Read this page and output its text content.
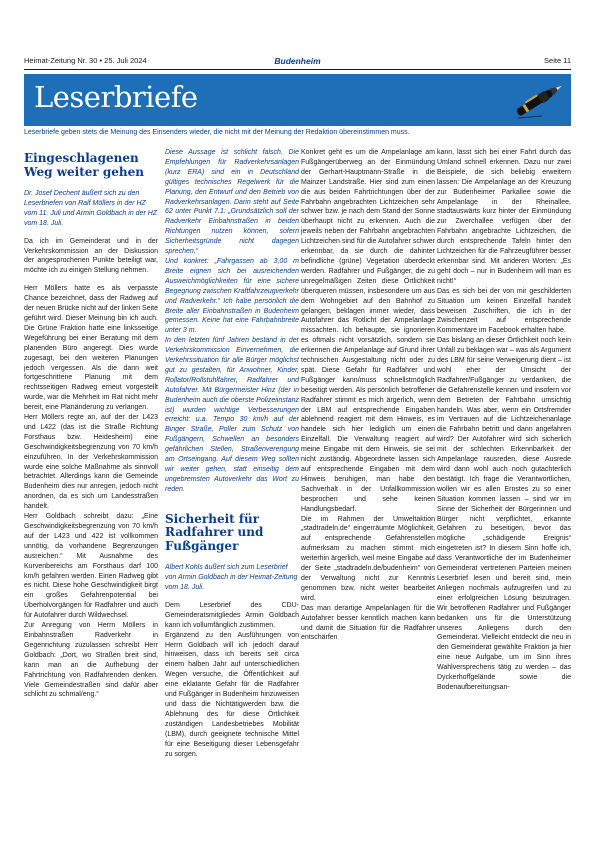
Heimat-Zeitung Nr. 30 • 25. Juli 2024	Budenheim	Seite 11
Leserbriefe
Leserbriefe geben stets die Meinung des Einsenders wieder, die nicht mit der Meinung der Redaktion übereinstimmen muss.
Eingeschlagenen Weg weiter gehen

Dr. Josef Dechent äußert sich zu den Leserbriefen von Ralf Möllers in der HZ vom 11. Juli und Armin Goldbach in der HZ vom 18. Juli.

Da ich im Gemeinderat und in der Verkehrskommission an der Diskussion der angesprochenen Punkte beteiligt war, möchte ich zu einigen Stellung nehmen.

Herr Möllers hatte es als verpasste Chance bezeichnet, dass der Radweg auf der neuen Brücke nicht auf der linken Seite geführt wird. Dieser Meinung bin ich auch. Die Grüne Fraktion hatte eine linksseitige Wegeführung bei einer Beratung mit dem planenden Büro angeregt. Dies wurde zugesagt, bei den weiteren Planungen jedoch vergessen. Als die dann weit fortgeschrittene Planung mit dem rechtsseitigen Radweg erneut vorgestellt wurde, war die Mehrheit im Rat nicht mehr bereit, eine Planänderung zu verlangen.

Herr Möllers regte an, auf der der L423 und L422 (das ist die Straße Richtung Forsthaus bzw. Heidesheim) eine Geschwindigkeitsbegrenzung von 70 km/h einzuführen. In der Verkehrskommission wurde eine solche Maßnahme als sinnvoll betrachtet. Allerdings kann die Gemeinde Budenheim dies nur anregen, jedoch nicht anordnen, da es sich um Landesstraßen handelt.

Herr Goldbach schreibt dazu: „Eine Geschwindigkeitsbegrenzung von 70 km/h auf der L423 und 422 ist vollkommen unnötig, da vorhandene Begrenzungen ausreichen.“ Mit Ausnahme des Kurvenbereichs am Forsthaus darf 100 km/h gefahren werden. Einen Radweg gibt es nicht. Diese hohe Geschwindigkeit birgt ein großes Gefahrenpotential bei Überholvorgängen für Radfahrer und auch für Autofahrer durch Wildwechsel.

Zur Anregung von Herrn Möllers in Einbahnstraßen Radverkehr in Gegenrichtung zuzulassen schreibt Herr Goldbach: „Dort, wo Straßen breit sind, kann man an die Aufhebung der Fahrtrichtung von Radfahrenden denken. Viele Gemeindestraßen sind dafür aber schlicht zu schmal/eng.“

Diese Aussage ist schlicht falsch. Die Empfehlungen für Radverkehrsanlagen (kurz ERA) sind ein in Deutschland gültiges technisches Regelwerk für die Planung, den Entwurf und den Betrieb von Radverkehrsanlagen. Darin steht auf Seite 62 unter Punkt 7.1: „Grundsätzlich soll der Radverkehr Einbahnstraßen in beiden Richtungen nutzen können, sofern Sicherheitsgründe nicht dagegen sprechen.“

Und konkret: „Fahrgassen ab 3,00 m Breite eignen sich bei ausreichenden Ausweichmöglichkeiten für eine sichere Begegnung zwischen Kraftfahrzeugverkehr und Radverkehr.“ Ich habe persönlich die Breite aller Einbahnstraßen in Budenheim gemessen. Keine hat eine Fahrbahnbreite unter 3 m.

In den letzten fünf Jahren bestand in der Verkehrskommission Einvernehmen, die Verkehrssituation für alle Bürger möglichst gut zu gestalten, für Anwohner, Kinder, Rollator/Rollstuhlfahrer, Radfahrer und Autofahrer. Mit Bürgermeister Hinz (der in Budenheim auch die oberste Polizeiinstanz ist) wurden wichtige Verbesserungen erreicht: u.a. Tempo 30 km/h auf der Binger Straße, Poller zum Schutz von Fußgängern, Schwellen an besonders gefährlichen Stellen, Straßenverengung am Ortseingang. Auf diesem Weg sollten wir weiter gehen, statt einseitig dem ungebremsten Autoverkehr das Wort zu reden.

Sicherheit für Radfahrer und Fußgänger

Albert Kohls äußert sich zum Leserbrief von Armin Goldbach in der Heimat-Zeitung vom 18. Juli.

Dem Leserbrief des CDU-Gemeinderatsmitgliedes Armin Goldbach kann ich vollumfänglich zustimmen.

Ergänzend zu den Ausführungen von Herrn Goldbach will ich jedoch darauf hinweisen, dass ich bereits seit circa einem halben Jahr auf unterschiedlichen Wegen versuche, die Öffentlichkeit auf eine eklatante Gefahr für die Radfahrer und Fußgänger in Budenheim hinzuweisen und dass die Nichtätigwerden bzw. die Ablehnung des für diese Örtlichkeit zuständigen Landesbetriebes Mobilität (LBM), durch geeignete technische Mittel für eine Beseitigung dieser Lebensgefahr zu sorgen.

Konkret geht es um die Ampelanlage am Fußgängerüberweg an der Einmündung der Gerhart-Hauptmann-Straße in die Mainzer Landstraße. Hier sind zum einen die aus beiden Fahrtrichtungen über der Fahrbahn angebrachten Lichtzeichen sehr schwer bzw. je nach dem Stand der Sonne überhaupt nicht zu erkennen. Auch die jeweils neben der Fahrbahn angebrachten Lichtzeichen sind für die Autofahrer schwer erkennbar, da sie durch die dahinter befindliche (grüne) Vegetation überdeckt werden. Radfahrer und Fußgänger, die zu unregelmäßigen Zeiten diese Örtlichkeit überqueren müssen, insbesondere um aus dem Wohngebiet auf den Bahnhof zu gelangen, beklagen immer wieder, dass Autofahrer das Rotlicht der Ampelanlage missachten. Ich behaupte, sie ignorieren es oftmals nicht vorsätzlich, sondern sie erkennen die Ampelanlage auf Grund ihrer technischen Ausgestaltung nicht oder zu spät. Diese Gefahr für Radfahrer und Fußgänger kann/muss schnellstmöglich beseitigt werden. Als persönlich betroffener Radfahrer stimmt es mich ärgerlich, wenn der LBM auf entsprechende Eingaben ablehnend reagiert mit dem Hinweis, es handele sich hier lediglich um einen Einzelfall. Die Verwaltung reagiert auf meine Eingabe mit dem Hinweis, sie sei nicht zuständig. Abgeordnete lassen sich auf entsprechende Eingaben mit dem Hinweis beruhigen, man habe den Sachverhalt in der Unfallkommission besprochen und sehe keinen Handlungsbedarf.

Die im Rahmen der Umweltaktion „stadtradeln.de“ eingerräumte Möglichkeit, auf entsprechende Gefahrenstellen aufmerksam zu machen stimmt mich weiterhin ärgerlich, weil meine Eingabe auf der Seite „stadtradeln.de/budenheim“ von der Verwaltung nicht zur Kenntnis genommen bzw. nicht weiter bearbeitet wird.

Das man derartige Ampelanlagen für die Autofahrer besser kenntlich machen kann und damit die Situation für die Radfahrer entschärfen

kann, lässt sich bei einer Fahrt durch das Umland schnell erkennen. Dazu nur zwei Beispiele, die sich beliebig erweitern lassen: Die Ampelanlage an der Kreuzung zur Budenheimer Parkallee sowie die Ampelanlage in der Rheinallee, stadtauswärts kurz hinter der Einmündung zur Zwerchallee verfügen über der Fahrbahn angebrachte Lichtzeichen, die durch entsprechende Tafeln hinter den Lichtzeichen für die Fahrzeugführer besser erkennbar sind. Mit anderen Worten: „Es geht doch – nur in Budenheim will man es nicht!“

Das es sich bei der von mir geschilderten Situation um keinen Einzelfall handelt beweisen Zuschriften, die ich in der Zwischenzeit auf entsprechende Kommentare im Facebook erhalten habe.

Das bislang an dieser Örtlichkeit noch kein Unfall zu beklagen war – was als Argument des LBM für seine Verweigerung dient – ist wohl eher der Umsicht der Radfahrer/Fußgänger zu verdanken, die die Gefahrenstelle kennen und insofern vor dem Betreten der Fahrbahn umsichtig handeln. Was aber, wenn ein Ortsfremder im Vertrauen auf die Lichtzeichenanlage die Fahrbahn betritt und dann angefahren wird? Der Autofahrer wird sich sicherlich mit der schlechten Erkennbarkeit der Ampelanlage rausreden, diese Ausrede wird dann wohl auch noch gutachterlich bestätigt. Ich frage die Verantwortlichen, wollen wir es allen Ernstes zu so einer Situation kommen lassen – sind wir im Sinne der Sicherheit der Bürgerinnen und Bürger nicht verpflichtet, erkannte Gefahren zu beseitigen, bevor das mögliche „schädigende Ereignis“ eingetreten ist? In diesem Sinn hoffe ich, dass Verantwortliche der im Budenheimer Gemeinderat vertretenen Parteien meinen Leserbrief lesen und bereit sind, mein Anliegen nochmals aufzugreifen und zu einer erfolgreichen Lösung beizutragen. Wir betroffenen Radfahrer und Fußgänger bedanken uns für die Unterstützung unseres Anliegens durch den Gemeinderat. Vielleicht entdeckt die neu in den Gemeinderat gewählte Fraktion ja hier eine neue Aufgabe, um im Sinn ihres Wahlversprechens tätig zu werden – das Dyckerhoffgelände sowie die Bodenaufbereitungsan-
